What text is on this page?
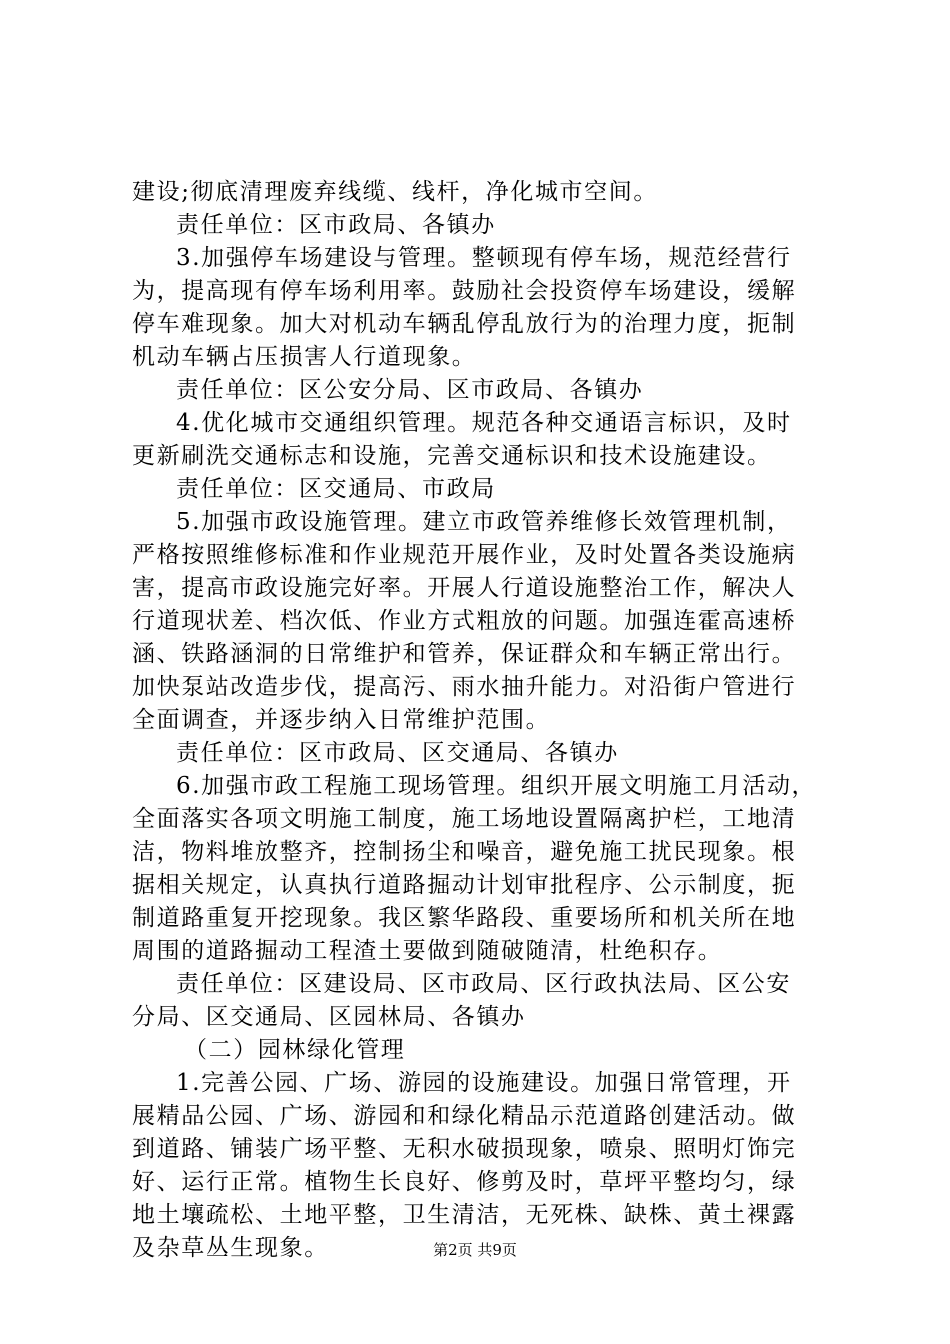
建设;彻底清理废弃线缆、线杆，净化城市空间。
责任单位：区市政局、各镇办
3.加强停车场建设与管理。整顿现有停车场，规范经营行
为，提高现有停车场利用率。鼓励社会投资停车场建设，缓解
停车难现象。加大对机动车辆乱停乱放行为的治理力度，扼制
机动车辆占压损害人行道现象。
责任单位：区公安分局、区市政局、各镇办
4.优化城市交通组织管理。规范各种交通语言标识，及时
更新刷洗交通标志和设施，完善交通标识和技术设施建设。
责任单位：区交通局、市政局
5.加强市政设施管理。建立市政管养维修长效管理机制，
严格按照维修标准和作业规范开展作业，及时处置各类设施病
害，提高市政设施完好率。开展人行道设施整治工作，解决人
行道现状差、档次低、作业方式粗放的问题。加强连霍高速桥
涵、铁路涵洞的日常维护和管养，保证群众和车辆正常出行。
加快泵站改造步伐，提高污、雨水抽升能力。对沿街户管进行
全面调查，并逐步纳入日常维护范围。
责任单位：区市政局、区交通局、各镇办
6.加强市政工程施工现场管理。组织开展文明施工月活动，
全面落实各项文明施工制度，施工场地设置隔离护栏，工地清
洁，物料堆放整齐，控制扬尘和噪音，避免施工扰民现象。根
据相关规定，认真执行道路掘动计划审批程序、公示制度，扼
制道路重复开挖现象。我区繁华路段、重要场所和机关所在地
周围的道路掘动工程渣土要做到随破随清，杜绝积存。
责任单位：区建设局、区市政局、区行政执法局、区公安
分局、区交通局、区园林局、各镇办
（二）园林绿化管理
1.完善公园、广场、游园的设施建设。加强日常管理，开
展精品公园、广场、游园和和绿化精品示范道路创建活动。做
到道路、铺装广场平整、无积水破损现象，喷泉、照明灯饰完
好、运行正常。植物生长良好、修剪及时，草坪平整均匀，绿
地土壤疏松、土地平整，卫生清洁，无死株、缺株、黄土裸露
及杂草丛生现象。	第2页 共9页
